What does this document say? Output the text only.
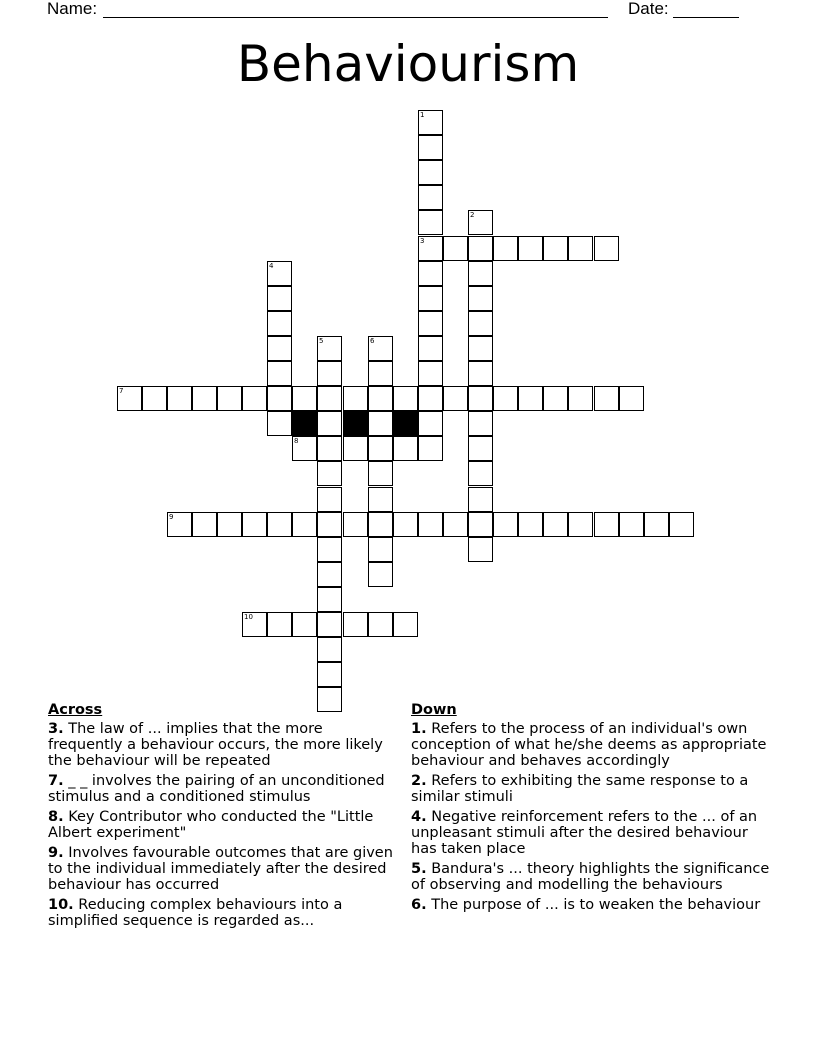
Name:	Date:
Behaviourism
1
3
2
4
5	6
7
8
9
10
Across
3. The law of ... implies that the more frequently a behaviour occurs, the more likely the behaviour will be repeated
7. _ _ involves the pairing of an unconditioned stimulus and a conditioned stimulus
8. Key Contributor who conducted the "Little Albert experiment"
9. Involves favourable outcomes that are given to the individual immediately after the desired behaviour has occurred
10. Reducing complex behaviours into a simplified sequence is regarded as...
Down
1. Refers to the process of an individual's own conception of what he/she deems as appropriate behaviour and behaves accordingly
2. Refers to exhibiting the same response to a similar stimuli
4. Negative reinforcement refers to the ... of an unpleasant stimuli after the desired behaviour has taken place
5. Bandura's ... theory highlights the significance of observing and modelling the behaviours
6. The purpose of ... is to weaken the behaviour
